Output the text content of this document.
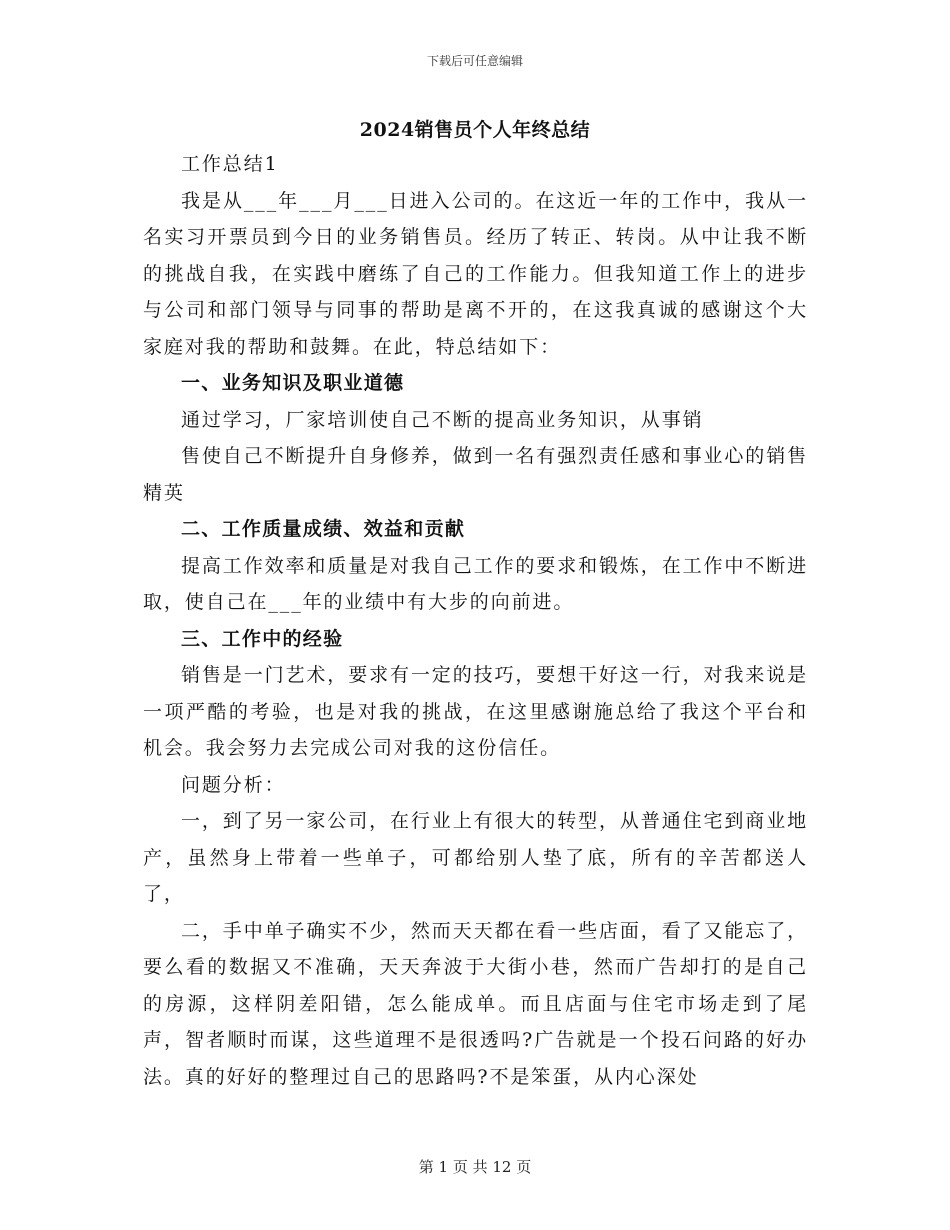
下载后可任意编辑
2024销售员个人年终总结

工作总结1

我是从___年___月___日进入公司的。在这近一年的工作中，我从一名实习开票员到今日的业务销售员。经历了转正、转岗。从中让我不断的挑战自我，在实践中磨练了自己的工作能力。但我知道工作上的进步与公司和部门领导与同事的帮助是离不开的，在这我真诚的感谢这个大家庭对我的帮助和鼓舞。在此，特总结如下：

一、业务知识及职业道德

通过学习，厂家培训使自己不断的提高业务知识，从事销

售使自己不断提升自身修养，做到一名有强烈责任感和事业心的销售精英

二、工作质量成绩、效益和贡献

提高工作效率和质量是对我自己工作的要求和锻炼，在工作中不断进取，使自己在___年的业绩中有大步的向前进。

三、工作中的经验

销售是一门艺术，要求有一定的技巧，要想干好这一行，对我来说是一项严酷的考验，也是对我的挑战，在这里感谢施总给了我这个平台和机会。我会努力去完成公司对我的这份信任。

问题分析：

一，到了另一家公司，在行业上有很大的转型，从普通住宅到商业地产，虽然身上带着一些单子，可都给别人垫了底，所有的辛苦都送人了，

二，手中单子确实不少，然而天天都在看一些店面，看了又能忘了，要么看的数据又不准确，天天奔波于大街小巷，然而广告却打的是自己的房源，这样阴差阳错，怎么能成单。而且店面与住宅市场走到了尾声，智者顺时而谋，这些道理不是很透吗?广告就是一个投石问路的好办法。真的好好的整理过自己的思路吗?不是笨蛋，从内心深处

第 1 页 共 12 页
